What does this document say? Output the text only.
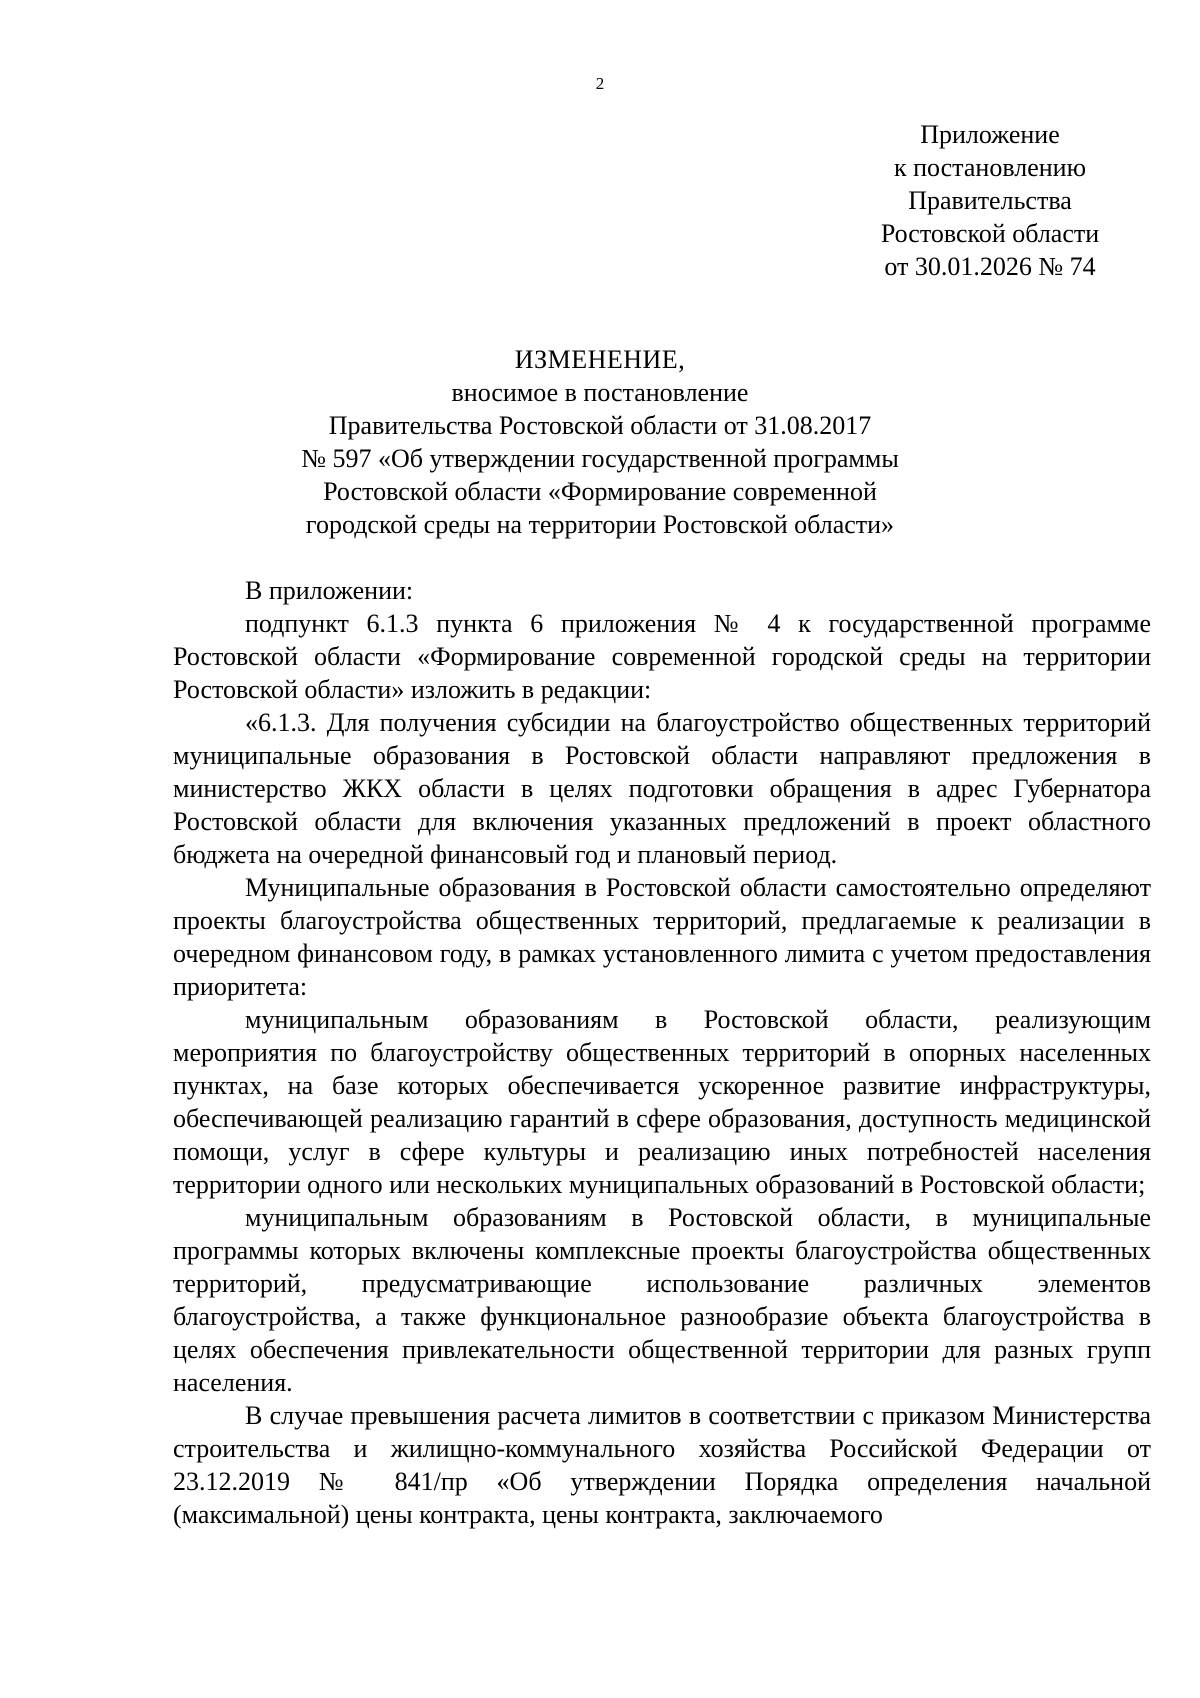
2
Приложение
к постановлению
Правительства
Ростовской области
от 30.01.2026 № 74
ИЗМЕНЕНИЕ,
вносимое в постановление
Правительства Ростовской области от 31.08.2017
№ 597 «Об утверждении государственной программы
Ростовской области «Формирование современной
городской среды на территории Ростовской области»

В приложении:

подпункт 6.1.3 пункта 6 приложения № 4 к государственной программе Ростовской области «Формирование современной городской среды на территории Ростовской области» изложить в редакции:

«6.1.3. Для получения субсидии на благоустройство общественных территорий муниципальные образования в Ростовской области направляют предложения в министерство ЖКХ области в целях подготовки обращения в адрес Губернатора Ростовской области для включения указанных предложений в проект областного бюджета на очередной финансовый год и плановый период.

Муниципальные образования в Ростовской области самостоятельно определяют проекты благоустройства общественных территорий, предлагаемые к реализации в очередном финансовом году, в рамках установленного лимита с учетом предоставления приоритета:

муниципальным образованиям в Ростовской области, реализующим мероприятия по благоустройству общественных территорий в опорных населенных пунктах, на базе которых обеспечивается ускоренное развитие инфраструктуры, обеспечивающей реализацию гарантий в сфере образования, доступность медицинской помощи, услуг в сфере культуры и реализацию иных потребностей населения территории одного или нескольких муниципальных образований в Ростовской области;

муниципальным образованиям в Ростовской области, в муниципальные программы которых включены комплексные проекты благоустройства общественных территорий, предусматривающие использование различных элементов благоустройства, а также функциональное разнообразие объекта благоустройства в целях обеспечения привлекательности общественной территории для разных групп населения.

В случае превышения расчета лимитов в соответствии с приказом Министерства строительства и жилищно-коммунального хозяйства Российской Федерации от 23.12.2019 № 841/пр «Об утверждении Порядка определения начальной (максимальной) цены контракта, цены контракта, заключаемого
